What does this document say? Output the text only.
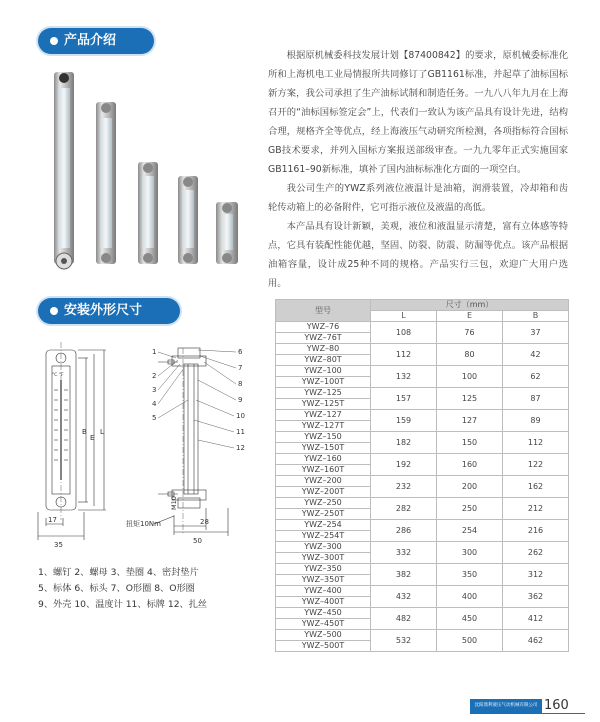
产品介绍
安装外形尺寸

根据原机械委科技发展计划【87400842】的要求，原机械委标准化所和上海机电工业局情报所共同修订了GB1161标准，并起草了油标国标新方案，我公司承担了生产油标试制和制造任务。一九八八年九月在上海召开的“油标国标签定会”上，代表们一致认为该产品具有设计先进，结构合理，规格齐全等优点，经上海液压气动研究所检测，各项指标符合国标GB技术要求，并列入国标方案报送部级审查。一九九零年正式实施国家GB1161–90新标准，填补了国内油标标准化方面的一项空白。

我公司生产的YWZ系列液位液温计是油箱，润滑装置，冷却箱和齿轮传动箱上的必备附件，它可指示液位及液温的高低。

本产品具有设计新颖，美观，液位和液温显示清楚，富有立体感等特点，它具有装配性能优越，坚固、防裂、防震、防漏等优点。该产品根据油箱容量，设计成25种不同的规格。产品实行三包，欢迎广大用户选用。

°C °F
B
E
L
17
35
28
50
M10
扭矩10Nm
1
2
3
4
5
6
7
8
9
10
11
12
1、螺钉 2、螺母 3、垫圈 4、密封垫片
5、标体 6、标头 7、O形圈 8、O形圈
9、外壳 10、温度计 11、标牌 12、扎丝
型号	尺寸（mm）		
	L	E	B
YWZ–76	108	76	37
YWZ–76T			
YWZ–80	112	80	42
YWZ–80T			
YWZ–100	132	100	62
YWZ–100T			
YWZ–125	157	125	87
YWZ–125T			
YWZ–127	159	127	89
YWZ–127T			
YWZ–150	182	150	112
YWZ–150T			
YWZ–160	192	160	122
YWZ–160T			
YWZ–200	232	200	162
YWZ–200T			
YWZ–250	282	250	212
YWZ–250T			
YWZ–254	286	254	216
YWZ–254T			
YWZ–300	332	300	262
YWZ–300T			
YWZ–350	382	350	312
YWZ–350T			
YWZ–400	432	400	362
YWZ–400T			
YWZ–450	482	450	412
YWZ–450T			
YWZ–500	532	500	462
YWZ–500T			
沈阳鼎利液压气动机械有限公司 160
